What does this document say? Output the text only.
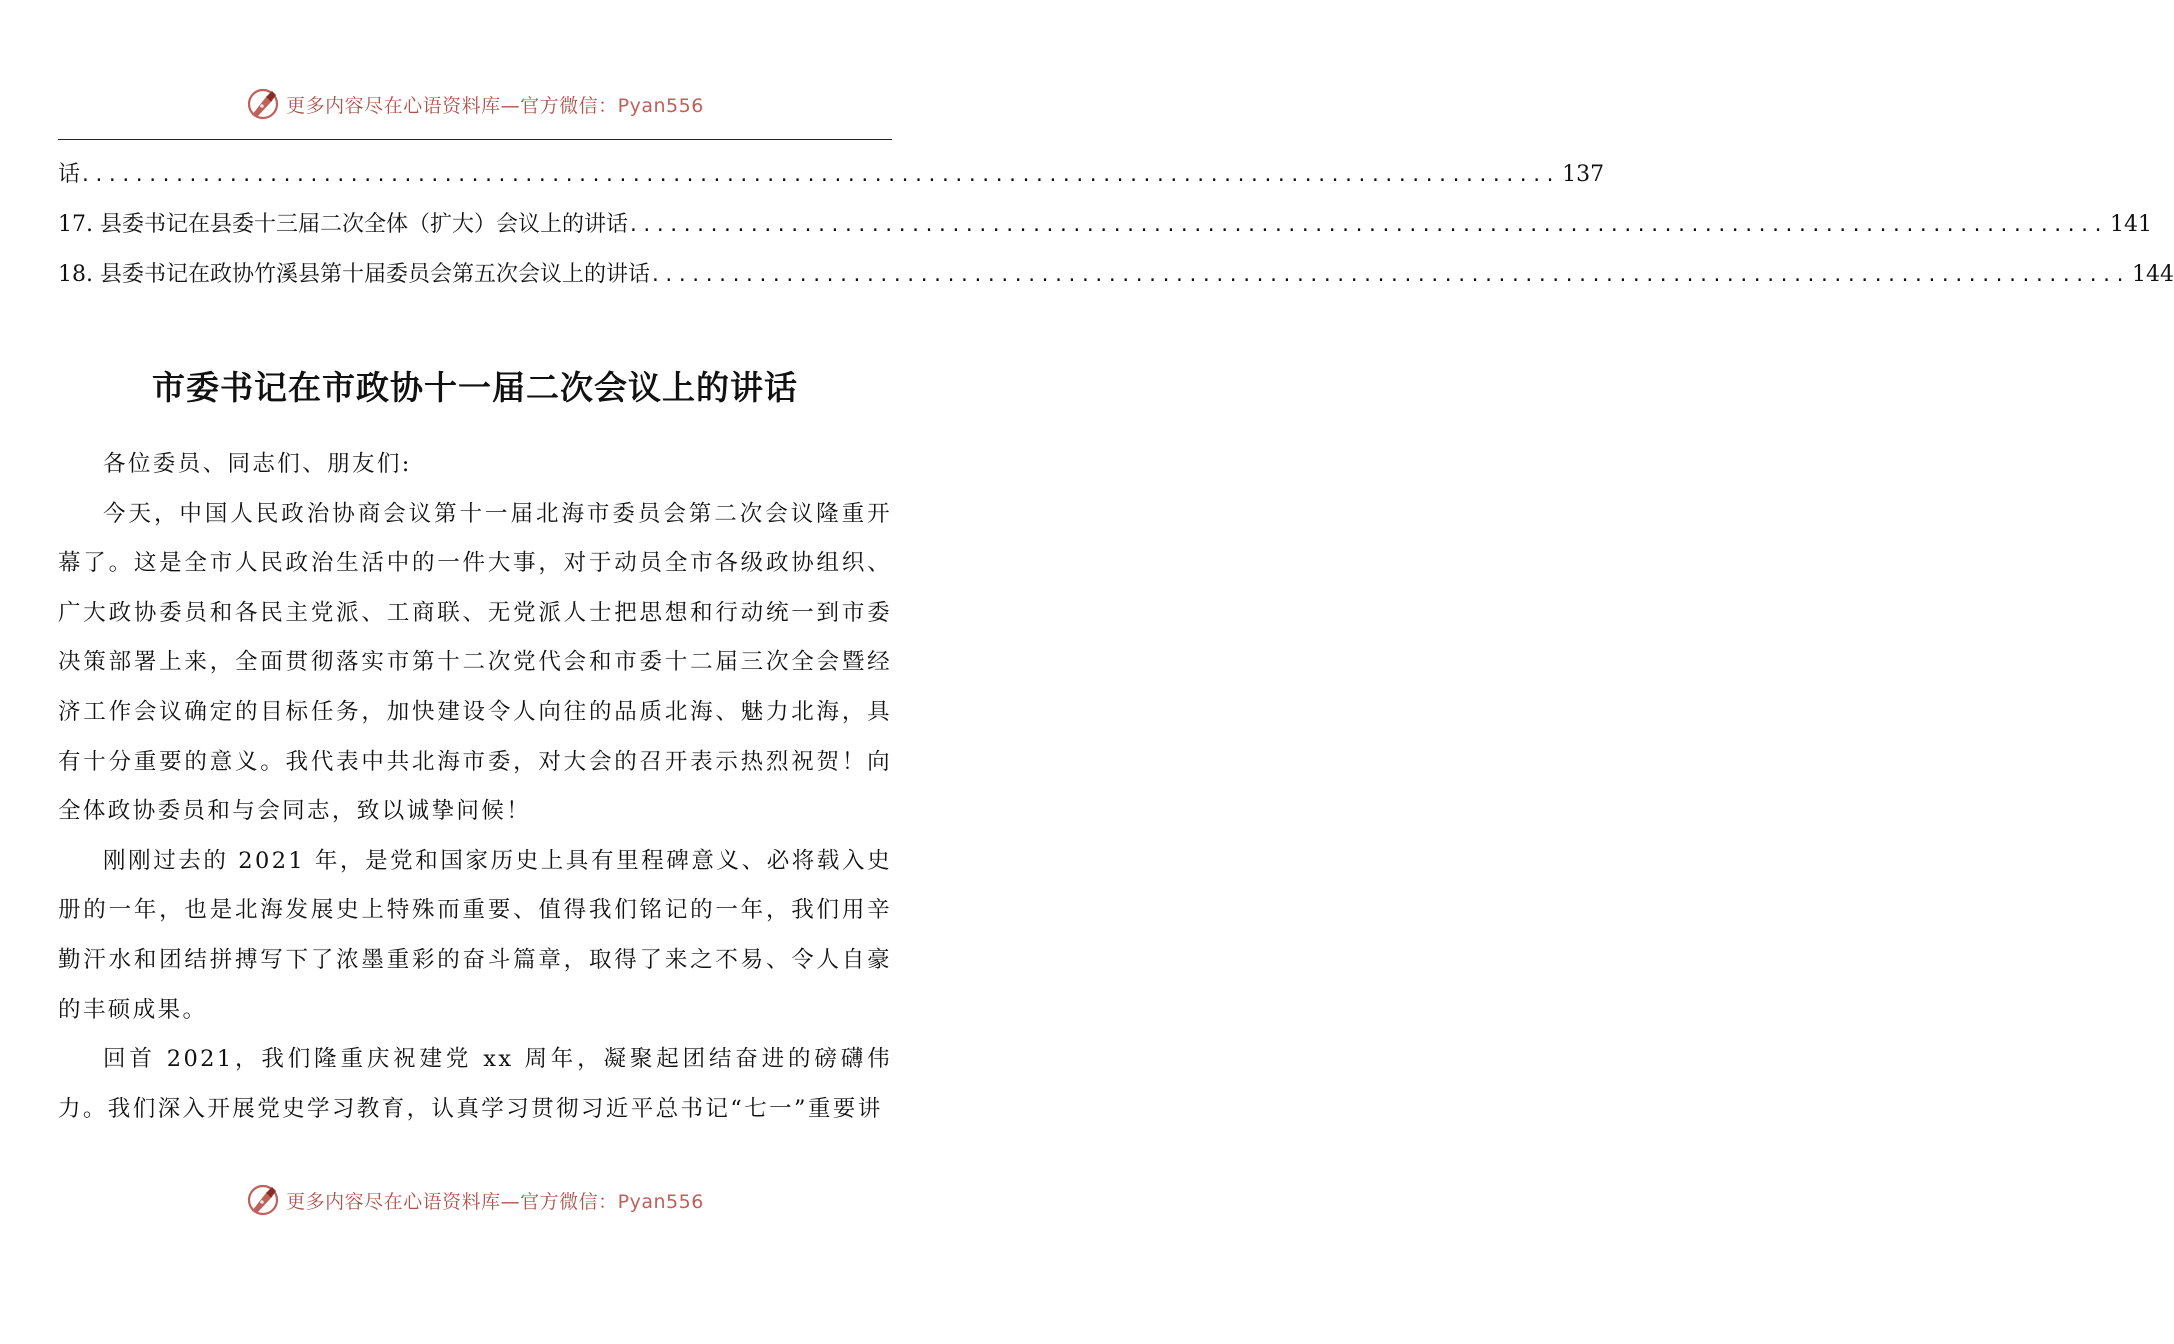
更多内容尽在心语资料库—官方微信：Pyan556
话 .............................................................................................................. 137
17. 县委书记在县委十三届二次全体（扩大）会议上的讲话 .............................................................................................................. 141
18. 县委书记在政协竹溪县第十届委员会第五次会议上的讲话 .............................................................................................................. 144
市委书记在市政协十一届二次会议上的讲话

各位委员、同志们、朋友们:

今天，中国人民政治协商会议第十一届北海市委员会第二次会议隆重开幕了。这是全市人民政治生活中的一件大事，对于动员全市各级政协组织、广大政协委员和各民主党派、工商联、无党派人士把思想和行动统一到市委决策部署上来，全面贯彻落实市第十二次党代会和市委十二届三次全会暨经济工作会议确定的目标任务，加快建设令人向往的品质北海、魅力北海，具有十分重要的意义。我代表中共北海市委，对大会的召开表示热烈祝贺！向全体政协委员和与会同志，致以诚挚问候！

刚刚过去的 2021 年，是党和国家历史上具有里程碑意义、必将载入史册的一年，也是北海发展史上特殊而重要、值得我们铭记的一年，我们用辛勤汗水和团结拼搏写下了浓墨重彩的奋斗篇章，取得了来之不易、令人自豪的丰硕成果。

回首 2021，我们隆重庆祝建党 xx 周年，凝聚起团结奋进的磅礴伟力。我们深入开展党史学习教育，认真学习贯彻习近平总书记“七一”重要讲

更多内容尽在心语资料库—官方微信：Pyan556
